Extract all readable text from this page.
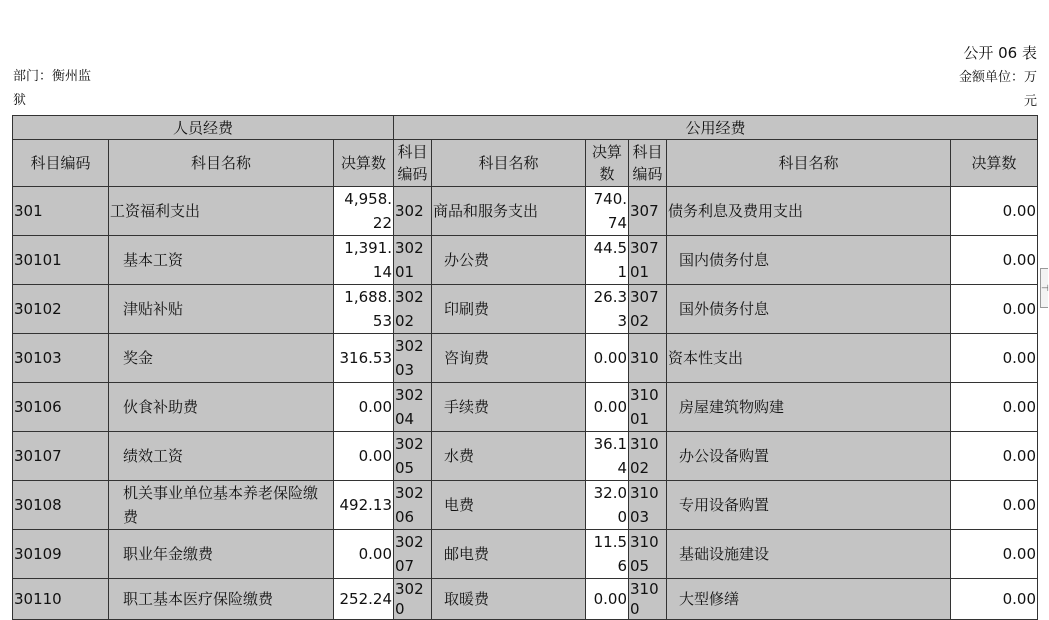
公开 06 表
部门：衡州监
狱
金额单位：万
元
人员经费			公用经费					
科目编码	科目名称	决算数	科目编码	科目名称	决算数	科目编码	科目名称	决算数
301	工资福利支出	4,958.22	302	商品和服务支出	740.74	307	债务利息及费用支出	0.00
30101	基本工资	1,391.14	30201	办公费	44.51	30701	国内债务付息	0.00
30102	津贴补贴	1,688.53	30202	印刷费	26.33	30702	国外债务付息	0.00
30103	奖金	316.53	30203	咨询费	0.00	310	资本性支出	0.00
30106	伙食补助费	0.00	30204	手续费	0.00	31001	房屋建筑物购建	0.00
30107	绩效工资	0.00	30205	水费	36.14	31002	办公设备购置	0.00
30108	机关事业单位基本养老保险缴费	492.13	30206	电费	32.00	31003	专用设备购置	0.00
30109	职业年金缴费	0.00	30207	邮电费	11.56	31005	基础设施建设	0.00
30110	职工基本医疗保险缴费	252.24	3020	取暖费	0.00	3100	大型修缮	0.00
⊣
